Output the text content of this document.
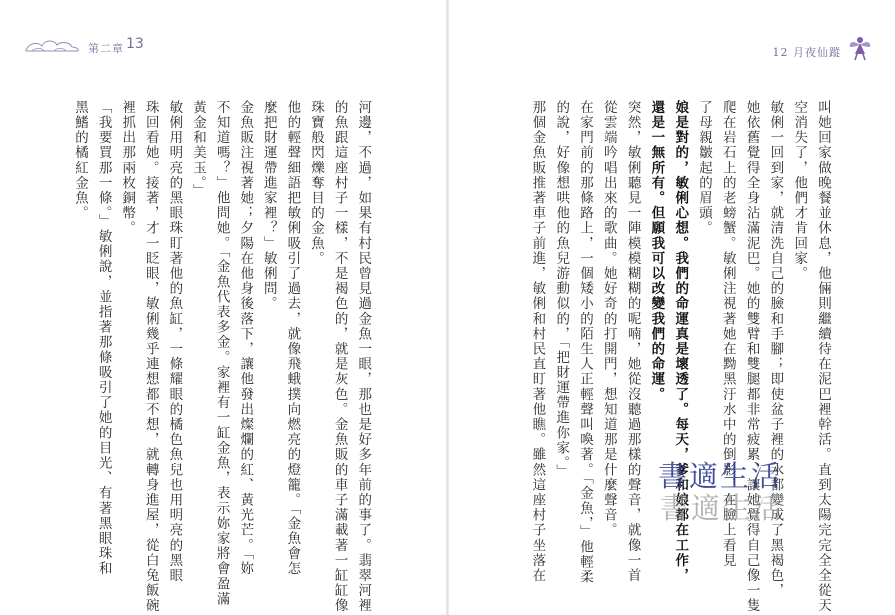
第二章 13
黑鰭的橘紅金魚。 「我要買那一條。」敏俐說，並指著那條吸引了她的目光、有著黑眼珠和 裡抓出那兩枚銅幣。 珠回看她。接著，才一眨眼，敏俐幾乎連想都不想，就轉身進屋，從白兔飯碗 敏俐用明亮的黑眼珠盯著他的魚缸，一條耀眼的橘色魚兒也用明亮的黑眼 黃金和美玉。」 不知道嗎？」他問她。「金魚代表多金。家裡有一缸金魚，表示妳家將會盈滿 金魚販注視著她；夕陽在他身後落下，讓他發出燦爛的紅、黃光芒。「妳 麼把財運帶進家裡？」敏俐問。 他的輕聲細語把敏俐吸引了過去，就像飛蛾撲向燃亮的燈籠。「金魚會怎 珠寶般閃爍奪目的金魚。 的魚跟這座村子一樣，不是褐色的，就是灰色。金魚販的車子滿載著一缸缸像 河邊，不過，如果有村民曾見過金魚一眼，那也是好多年前的事了。翡翠河裡
12 月夜仙蹤
叫她回家做晚餐並休息，他倆則繼續待在泥巴裡幹活。直到太陽完完全全從天
空消失了，他們才肯回家。
敏俐一回到家，就清洗自己的臉和手腳；即使盆子裡的水都變成了黑褐色，
她依舊覺得全身沾滿泥巴。她的雙臂和雙腿都非常疲累，讓她覺得自己像一隻
爬在岩石上的老螃蟹。敏俐注視著她在黝黑汙水中的倒影，在臉上看見
了母親皺起的眉頭。
娘是對的，敏俐心想。我們的命運真是壞透了。每天，爹和娘都在工作，
還是一無所有。但願我可以改變我們的命運。
突然，敏俐聽見一陣模模糊糊的呢喃，她從沒聽過那樣的聲音，就像一首
從雲端吟唱出來的歌曲。她好奇的打開門，想知道那是什麼聲音。
在家門前的那條路上，一個矮小的陌生人正輕聲叫喚著。「金魚，」他輕柔
的說，好像想哄他的魚兒游動似的，「把財運帶進你家。」
那個金魚販推著車子前進，敏俐和村民直盯著他瞧。雖然這座村子坐落在	書適生活
書適生活
